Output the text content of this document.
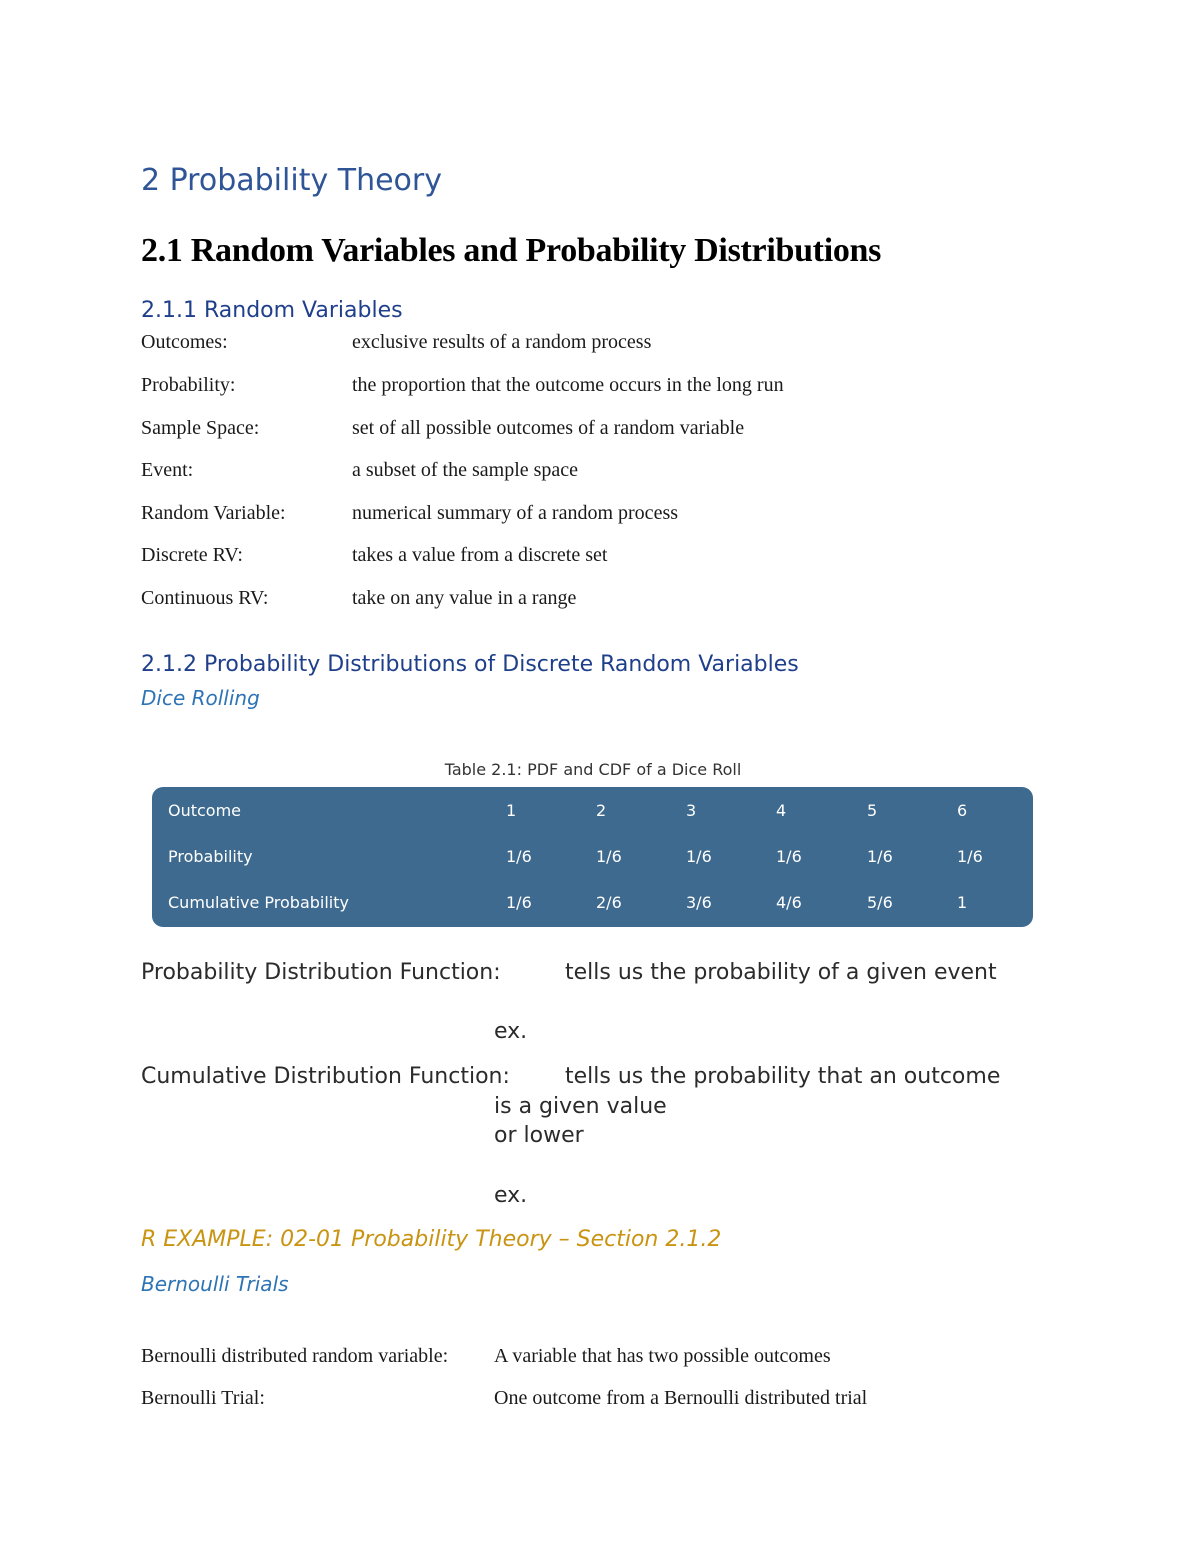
2 Probability Theory
2.1 Random Variables and Probability Distributions
2.1.1 Random Variables
Outcomes:	exclusive results of a random process
Probability:	the proportion that the outcome occurs in the long run
Sample Space:	set of all possible outcomes of a random variable
Event:	a subset of the sample space
Random Variable:	numerical summary of a random process
Discrete RV:	takes a value from a discrete set
Continuous RV:	take on any value in a range
2.1.2 Probability Distributions of Discrete Random Variables
Dice Rolling
Table 2.1: PDF and CDF of a Dice Roll
Outcome	1	2	3	4	5	6
Probability	1/6	1/6	1/6	1/6	1/6	1/6
Cumulative Probability	1/6	2/6	3/6	4/6	5/6	1
Probability Distribution Function:	tells us the probability of a given event
ex.
Cumulative Distribution Function:	tells us the probability that an outcome
is a given value
or lower
ex.
R EXAMPLE: 02-01 Probability Theory – Section 2.1.2
Bernoulli Trials
Bernoulli distributed random variable: A variable that has two possible outcomes
Bernoulli Trial:	One outcome from a Bernoulli distributed trial
